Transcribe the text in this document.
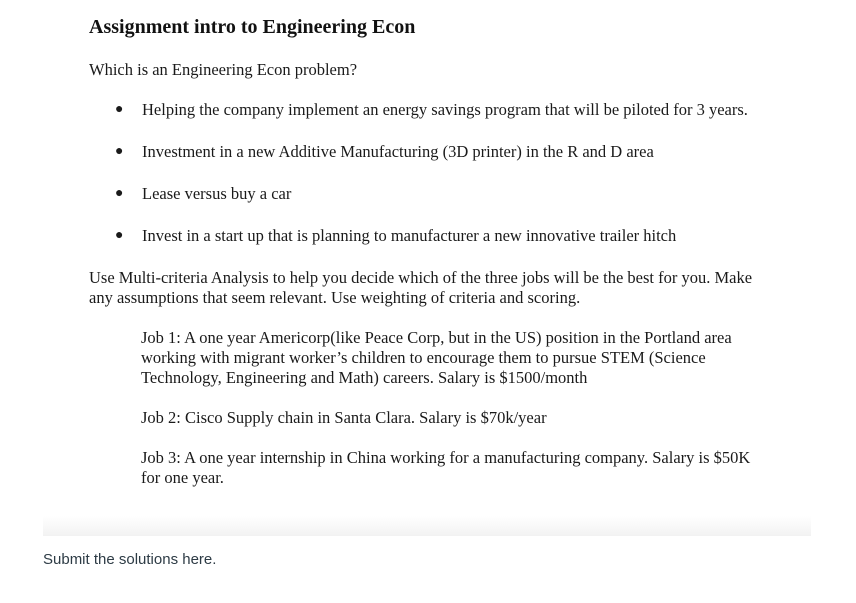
Assignment intro to Engineering Econ
Which is an Engineering Econ problem?
● Helping the company implement an energy savings program that will be piloted for 3 years.
● Investment in a new Additive Manufacturing (3D printer) in the R and D area
● Lease versus buy a car
● Invest in a start up that is planning to manufacturer a new innovative trailer hitch
Use Multi-criteria Analysis to help you decide which of the three jobs will be the best for you. Make any assumptions that seem relevant. Use weighting of criteria and scoring.
Job 1: A one year Americorp(like Peace Corp, but in the US) position in the Portland area working with migrant worker’s children to encourage them to pursue STEM (Science Technology, Engineering and Math) careers. Salary is $1500/month
Job 2: Cisco Supply chain in Santa Clara. Salary is $70k/year
Job 3: A one year internship in China working for a manufacturing company. Salary is $50K for one year.
Submit the solutions here.
